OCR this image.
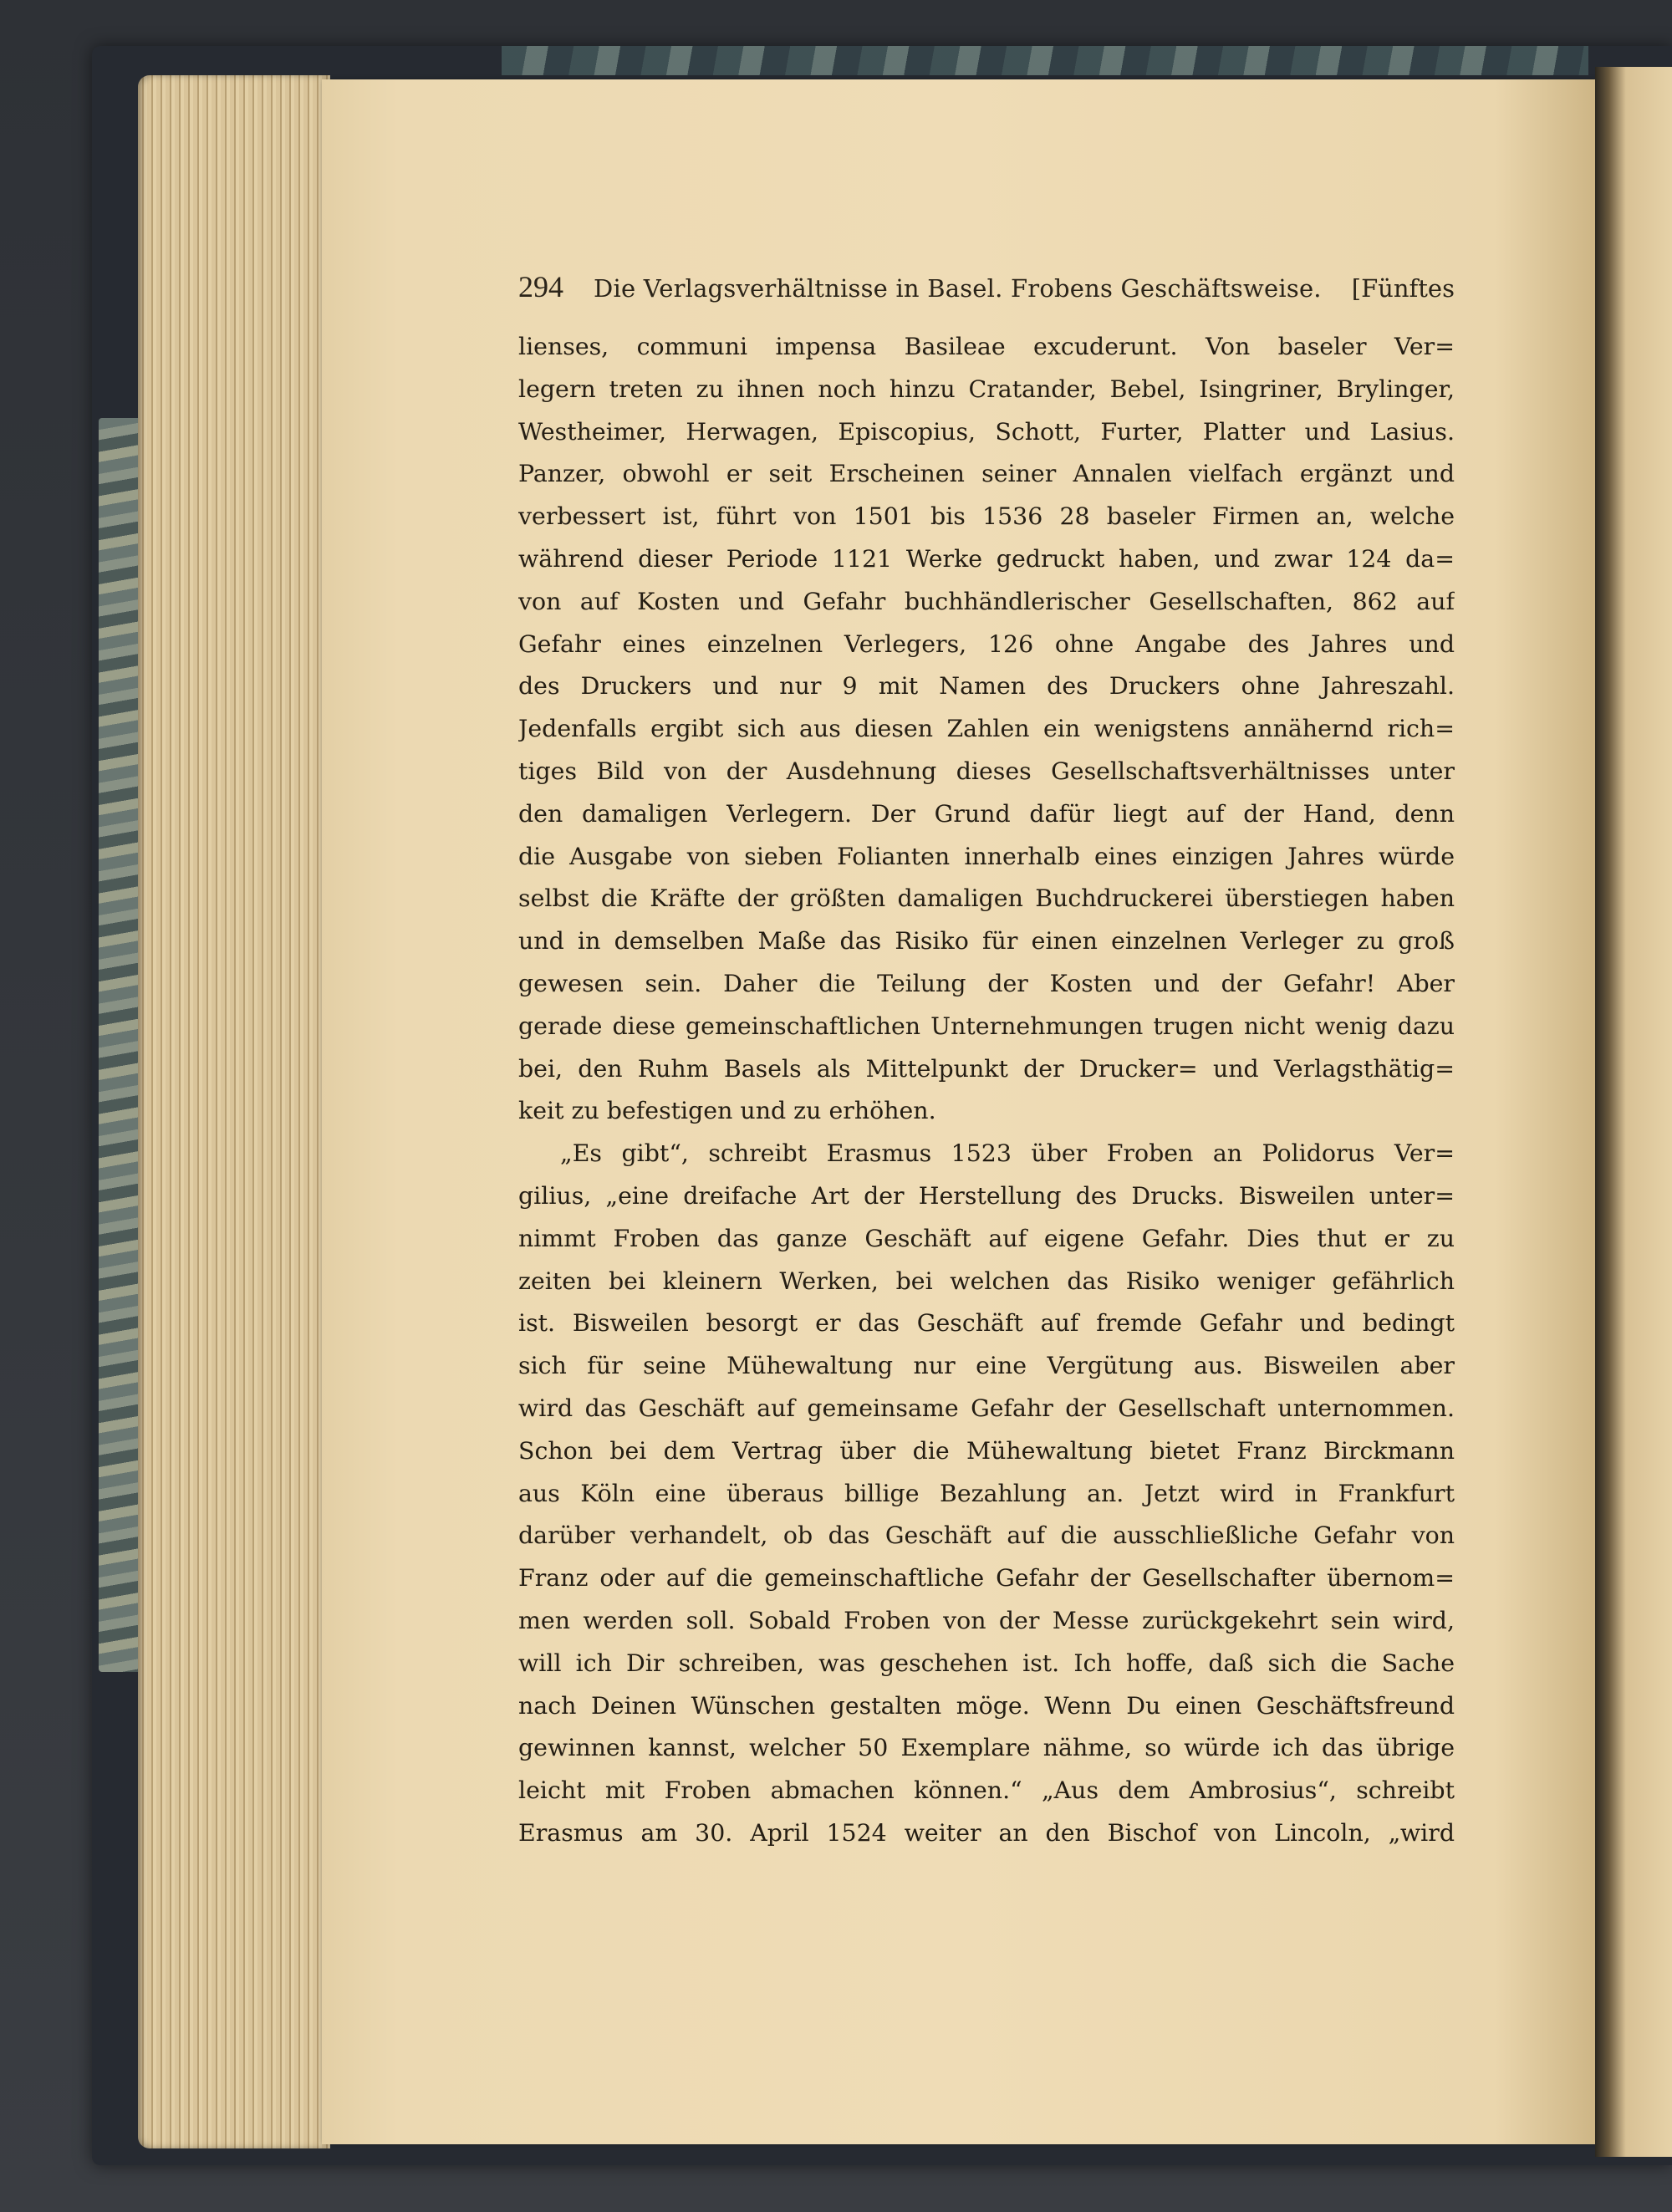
294 Die Verlagsverhältnisse in Basel. Frobens Geschäftsweise. [Fünftes
lienses, communi impensa Basileae excuderunt. Von baseler Ver=
legern treten zu ihnen noch hinzu Cratander, Bebel, Isingriner, Brylinger,
Westheimer, Herwagen, Episcopius, Schott, Furter, Platter und Lasius.
Panzer, obwohl er seit Erscheinen seiner Annalen vielfach ergänzt und
verbessert ist, führt von 1501 bis 1536 28 baseler Firmen an, welche
während dieser Periode 1121 Werke gedruckt haben, und zwar 124 da=
von auf Kosten und Gefahr buchhändlerischer Gesellschaften, 862 auf
Gefahr eines einzelnen Verlegers, 126 ohne Angabe des Jahres und
des Druckers und nur 9 mit Namen des Druckers ohne Jahreszahl.
Jedenfalls ergibt sich aus diesen Zahlen ein wenigstens annähernd rich=
tiges Bild von der Ausdehnung dieses Gesellschaftsverhältnisses unter
den damaligen Verlegern. Der Grund dafür liegt auf der Hand, denn
die Ausgabe von sieben Folianten innerhalb eines einzigen Jahres würde
selbst die Kräfte der größten damaligen Buchdruckerei überstiegen haben
und in demselben Maße das Risiko für einen einzelnen Verleger zu groß
gewesen sein. Daher die Teilung der Kosten und der Gefahr! Aber
gerade diese gemeinschaftlichen Unternehmungen trugen nicht wenig dazu
bei, den Ruhm Basels als Mittelpunkt der Drucker= und Verlagsthätig=
keit zu befestigen und zu erhöhen.
„Es gibt“, schreibt Erasmus 1523 über Froben an Polidorus Ver=
gilius, „eine dreifache Art der Herstellung des Drucks. Bisweilen unter=
nimmt Froben das ganze Geschäft auf eigene Gefahr. Dies thut er zu
zeiten bei kleinern Werken, bei welchen das Risiko weniger gefährlich
ist. Bisweilen besorgt er das Geschäft auf fremde Gefahr und bedingt
sich für seine Mühewaltung nur eine Vergütung aus. Bisweilen aber
wird das Geschäft auf gemeinsame Gefahr der Gesellschaft unternommen.
Schon bei dem Vertrag über die Mühewaltung bietet Franz Birckmann
aus Köln eine überaus billige Bezahlung an. Jetzt wird in Frankfurt
darüber verhandelt, ob das Geschäft auf die ausschließliche Gefahr von
Franz oder auf die gemeinschaftliche Gefahr der Gesellschafter übernom=
men werden soll. Sobald Froben von der Messe zurückgekehrt sein wird,
will ich Dir schreiben, was geschehen ist. Ich hoffe, daß sich die Sache
nach Deinen Wünschen gestalten möge. Wenn Du einen Geschäftsfreund
gewinnen kannst, welcher 50 Exemplare nähme, so würde ich das übrige
leicht mit Froben abmachen können.“ „Aus dem Ambrosius“, schreibt
Erasmus am 30. April 1524 weiter an den Bischof von Lincoln, „wird
